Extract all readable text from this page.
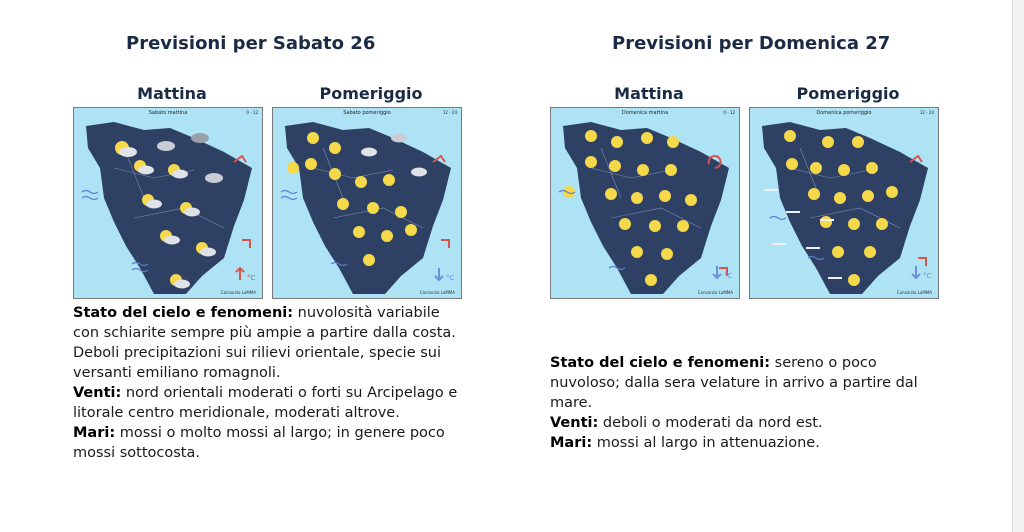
Previsioni per Sabato 26
Mattina	Pomeriggio
Sabato mattina	0 - 12
Consorzio LaMMA
°C
Sabato pomeriggio	12 - 24
Consorzio LaMMA
°C
Stato del cielo e fenomeni: nuvolosità variabile con schiarite sempre più ampie a partire dalla costa. Deboli precipitazioni sui rilievi orientale, specie sui versanti emiliano romagnoli.
Venti: nord orientali moderati o forti su Arcipelago e litorale centro meridionale, moderati altrove.
Mari: mossi o molto mossi al largo; in genere poco mossi sottocosta.
Previsioni per Domenica 27
Mattina	Pomeriggio
Domenica mattina	0 - 12
Consorzio LaMMA
°C
Domenica pomeriggio	12 - 24
Consorzio LaMMA
°C
Stato del cielo e fenomeni: sereno o poco nuvoloso; dalla sera velature in arrivo a partire dal mare.
Venti: deboli o moderati da nord est.
Mari: mossi al largo in attenuazione.
